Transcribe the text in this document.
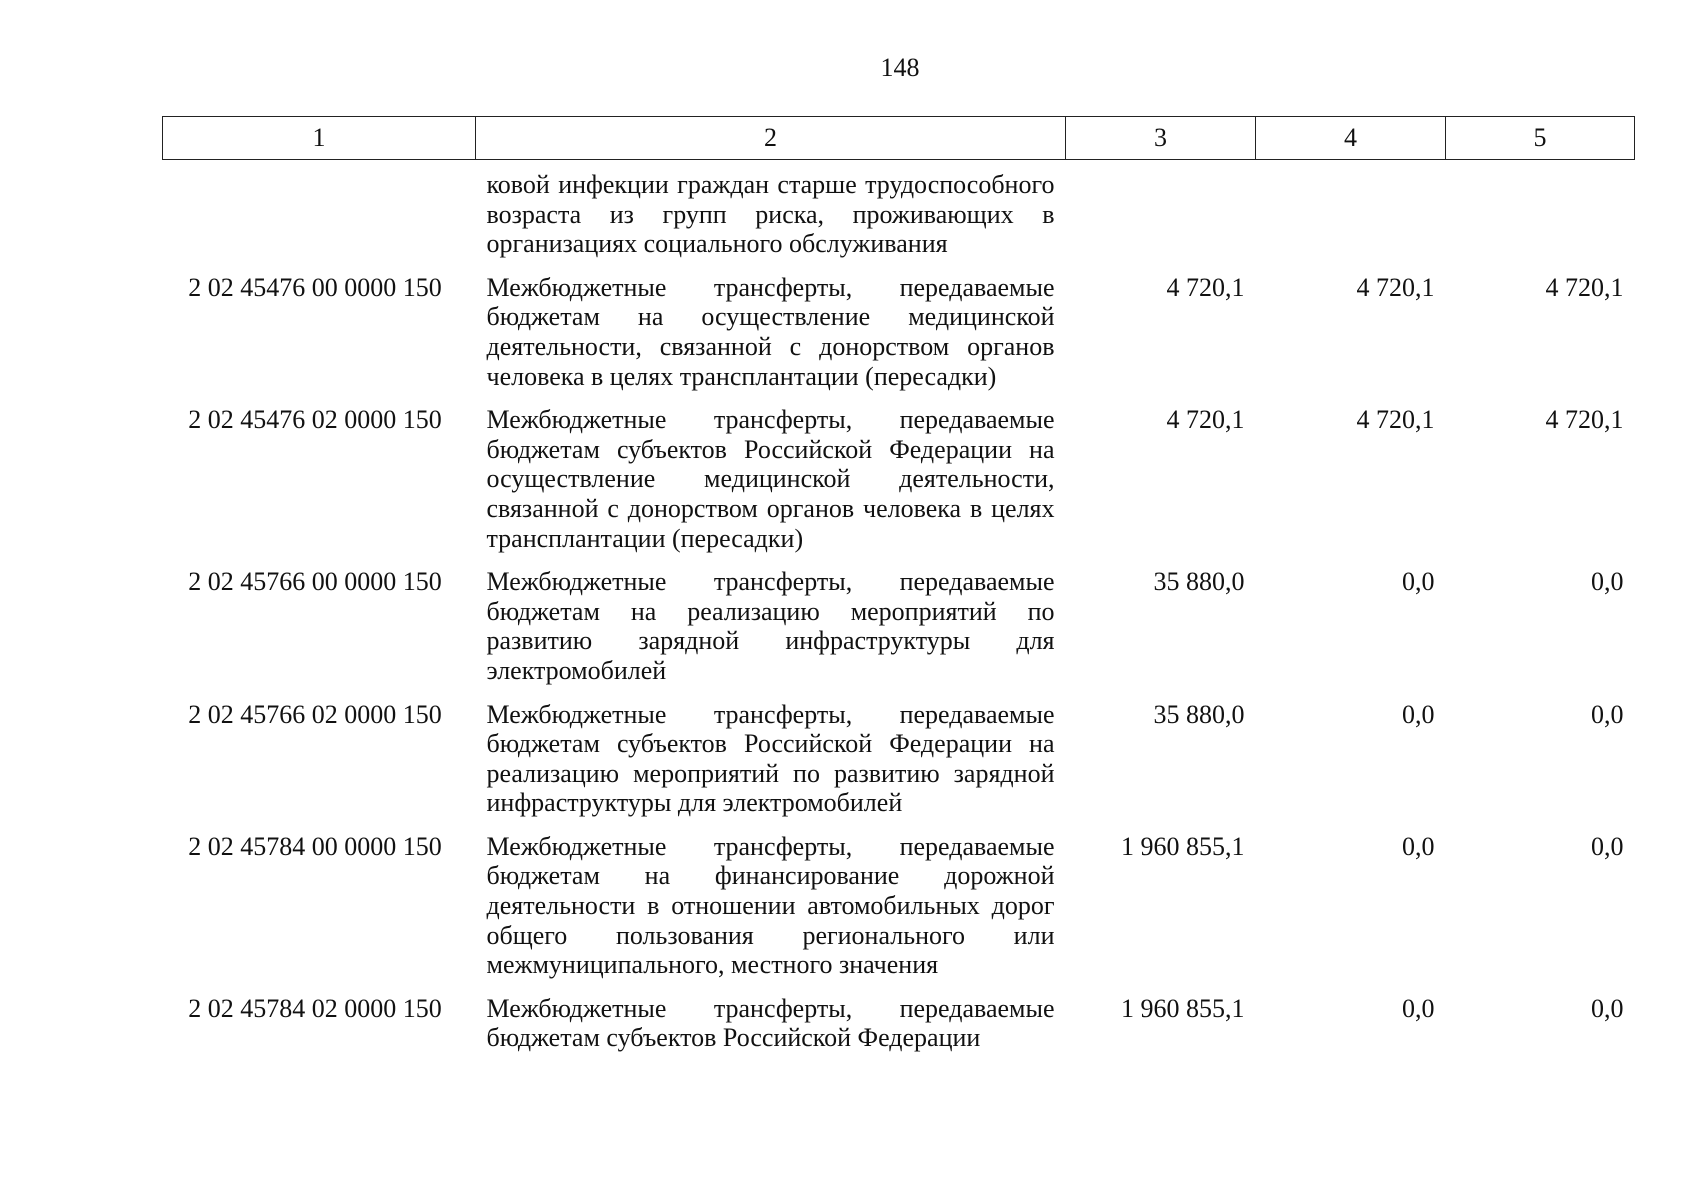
148
1	2	3	4	5
	ковой инфекции граждан старше трудоспособного возраста из групп риска, проживающих в организациях социального обслуживания			
2 02 45476 00 0000 150	Межбюджетные трансферты, передаваемые бюджетам на осуществление медицинской деятельности, связанной с донорством органов человека в целях трансплантации (пересадки)	4 720,1	4 720,1	4 720,1
2 02 45476 02 0000 150	Межбюджетные трансферты, передаваемые бюджетам субъектов Российской Федерации на осуществление медицинской деятельности, связанной с донорством органов человека в целях трансплантации (пересадки)	4 720,1	4 720,1	4 720,1
2 02 45766 00 0000 150	Межбюджетные трансферты, передаваемые бюджетам на реализацию мероприятий по развитию зарядной инфраструктуры для электромобилей	35 880,0	0,0	0,0
2 02 45766 02 0000 150	Межбюджетные трансферты, передаваемые бюджетам субъектов Российской Федерации на реализацию мероприятий по развитию зарядной инфраструктуры для электромобилей	35 880,0	0,0	0,0
2 02 45784 00 0000 150	Межбюджетные трансферты, передаваемые бюджетам на финансирование дорожной деятельности в отношении автомобильных дорог общего пользования регионального или межмуниципального, местного значения	1 960 855,1	0,0	0,0
2 02 45784 02 0000 150	Межбюджетные трансферты, передаваемые бюджетам субъектов Российской Федерации	1 960 855,1	0,0	0,0
